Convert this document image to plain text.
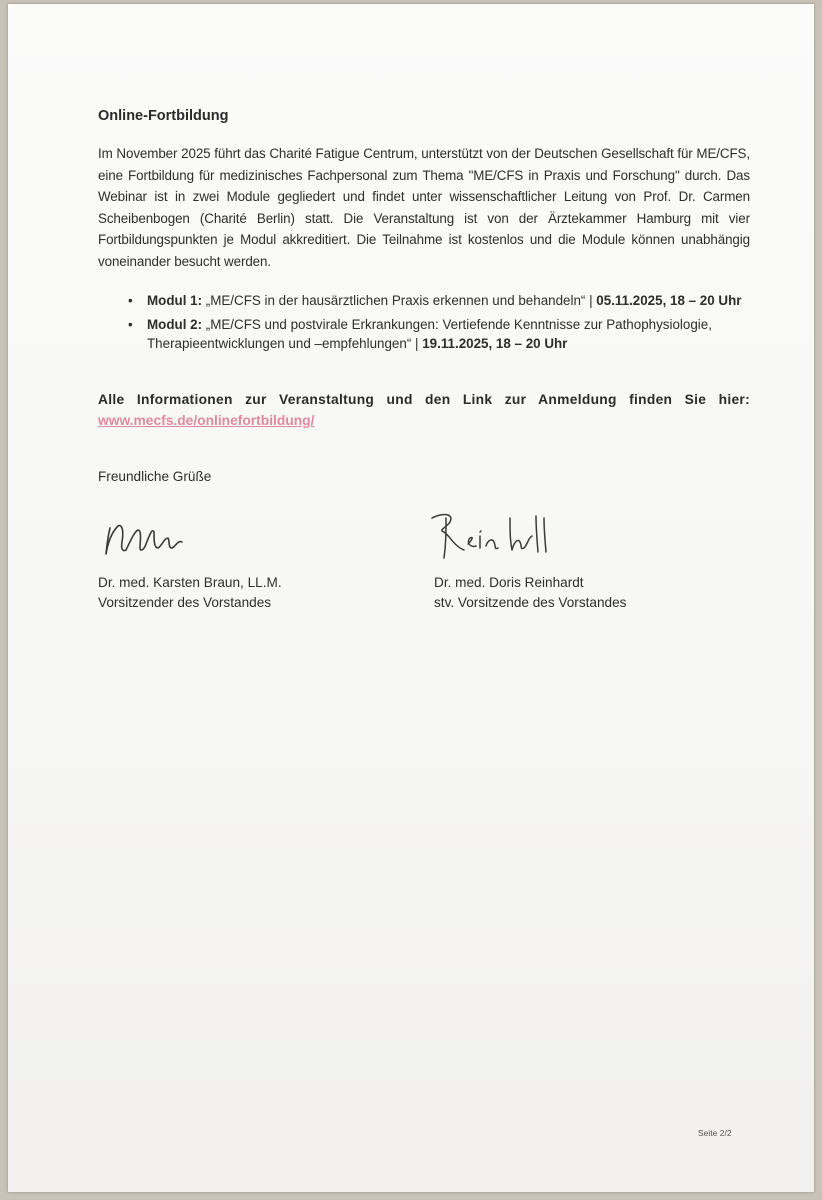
Online-Fortbildung
Im November 2025 führt das Charité Fatigue Centrum, unterstützt von der Deutschen Gesellschaft für ME/CFS, eine Fortbildung für medizinisches Fachpersonal zum Thema "ME/CFS in Praxis und Forschung" durch. Das Webinar ist in zwei Module gegliedert und findet unter wissenschaftlicher Leitung von Prof. Dr. Carmen Scheibenbogen (Charité Berlin) statt. Die Veranstaltung ist von der Ärztekammer Hamburg mit vier Fortbildungspunkten je Modul akkreditiert. Die Teilnahme ist kostenlos und die Module können unabhängig voneinander besucht werden.
• Modul 1: „ME/CFS in der hausärztlichen Praxis erkennen und behandeln“ | 05.11.2025, 18 – 20 Uhr
• Modul 2: „ME/CFS und postvirale Erkrankungen: Vertiefende Kenntnisse zur Pathophysiologie, Therapieentwicklungen und –empfehlungen“ | 19.11.2025, 18 – 20 Uhr
Alle Informationen zur Veranstaltung und den Link zur Anmeldung finden Sie hier: www.mecfs.de/onlinefortbildung/
Freundliche Grüße
Dr. med. Karsten Braun, LL.M.
Vorsitzender des Vorstandes
Dr. med. Doris Reinhardt
stv. Vorsitzende des Vorstandes
Seite 2/2
